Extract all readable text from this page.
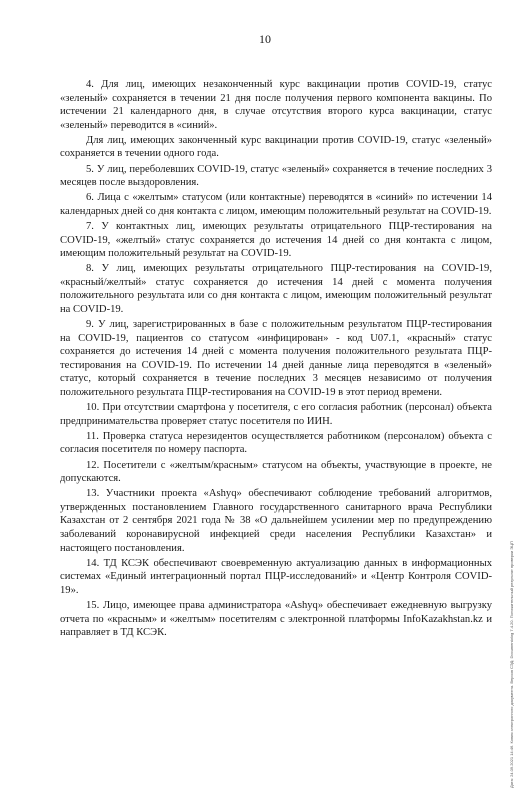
10

4. Для лиц, имеющих незаконченный курс вакцинации против COVID-19, статус «зеленый» сохраняется в течении 21 дня после получения первого компонента вакцины. По истечении 21 календарного дня, в случае отсутствия второго курса вакцинации, статус «зеленый» переводится в «синий».

Для лиц, имеющих законченный курс вакцинации против COVID-19, статус «зеленый» сохраняется в течении одного года.

5. У лиц, переболевших COVID-19, статус «зеленый» сохраняется в течение последних 3 месяцев после выздоровления.

6. Лица с «желтым» статусом (или контактные) переводятся в «синий» по истечении 14 календарных дней со дня контакта с лицом, имеющим положительный результат на COVID-19.

7. У контактных лиц, имеющих результаты отрицательного ПЦР-тестирования на COVID-19, «желтый» статус сохраняется до истечения 14 дней со дня контакта с лицом, имеющим положительный результат на COVID-19.

8. У лиц, имеющих результаты отрицательного ПЦР-тестирования на COVID-19, «красный/желтый» статус сохраняется до истечения 14 дней с момента получения положительного результата или со дня контакта с лицом, имеющим положительный результат на COVID-19.

9. У лиц, зарегистрированных в базе с положительным результатом ПЦР-тестирования на COVID-19, пациентов со статусом «инфицирован» - код U07.1, «красный» статус сохраняется до истечения 14 дней с момента получения положительного результата ПЦР-тестирования на COVID-19. По истечении 14 дней данные лица переводятся в «зеленый» статус, который сохраняется в течение последних 3 месяцев независимо от получения положительного результата ПЦР-тестирования на COVID-19 в этот период времени.

10. При отсутствии смартфона у посетителя, с его согласия работник (персонал) объекта предпринимательства проверяет статус посетителя по ИИН.

11. Проверка статуса нерезидентов осуществляется работником (персоналом) объекта с согласия посетителя по номеру паспорта.

12. Посетители с «желтым/красным» статусом на объекты, участвующие в проекте, не допускаются.

13. Участники проекта «Ashyq» обеспечивают соблюдение требований алгоритмов, утвержденных постановлением Главного государственного санитарного врача Республики Казахстан от 2 сентября 2021 года № 38 «О дальнейшем усилении мер по предупреждению заболеваний коронавирусной инфекцией среди населения Республики Казахстан» и настоящего постановления.

14. ТД КСЭК обеспечивают своевременную актуализацию данных в информационных системах «Единый интеграционный портал ПЦР-исследований» и «Центр Контроля COVID-19».

15. Лицо, имеющее права администратора «Ashyq» обеспечивает ежедневную выгрузку отчета по «красным» и «желтым» посетителям с электронной платформы InfoKazakhstan.kz и направляет в ТД КСЭК.	Дата: 24.09.2021 14:46. Копия электронного документа. Версия СЭД: Documentolog 7.4.20. Положительный результат проверки ЭЦП
